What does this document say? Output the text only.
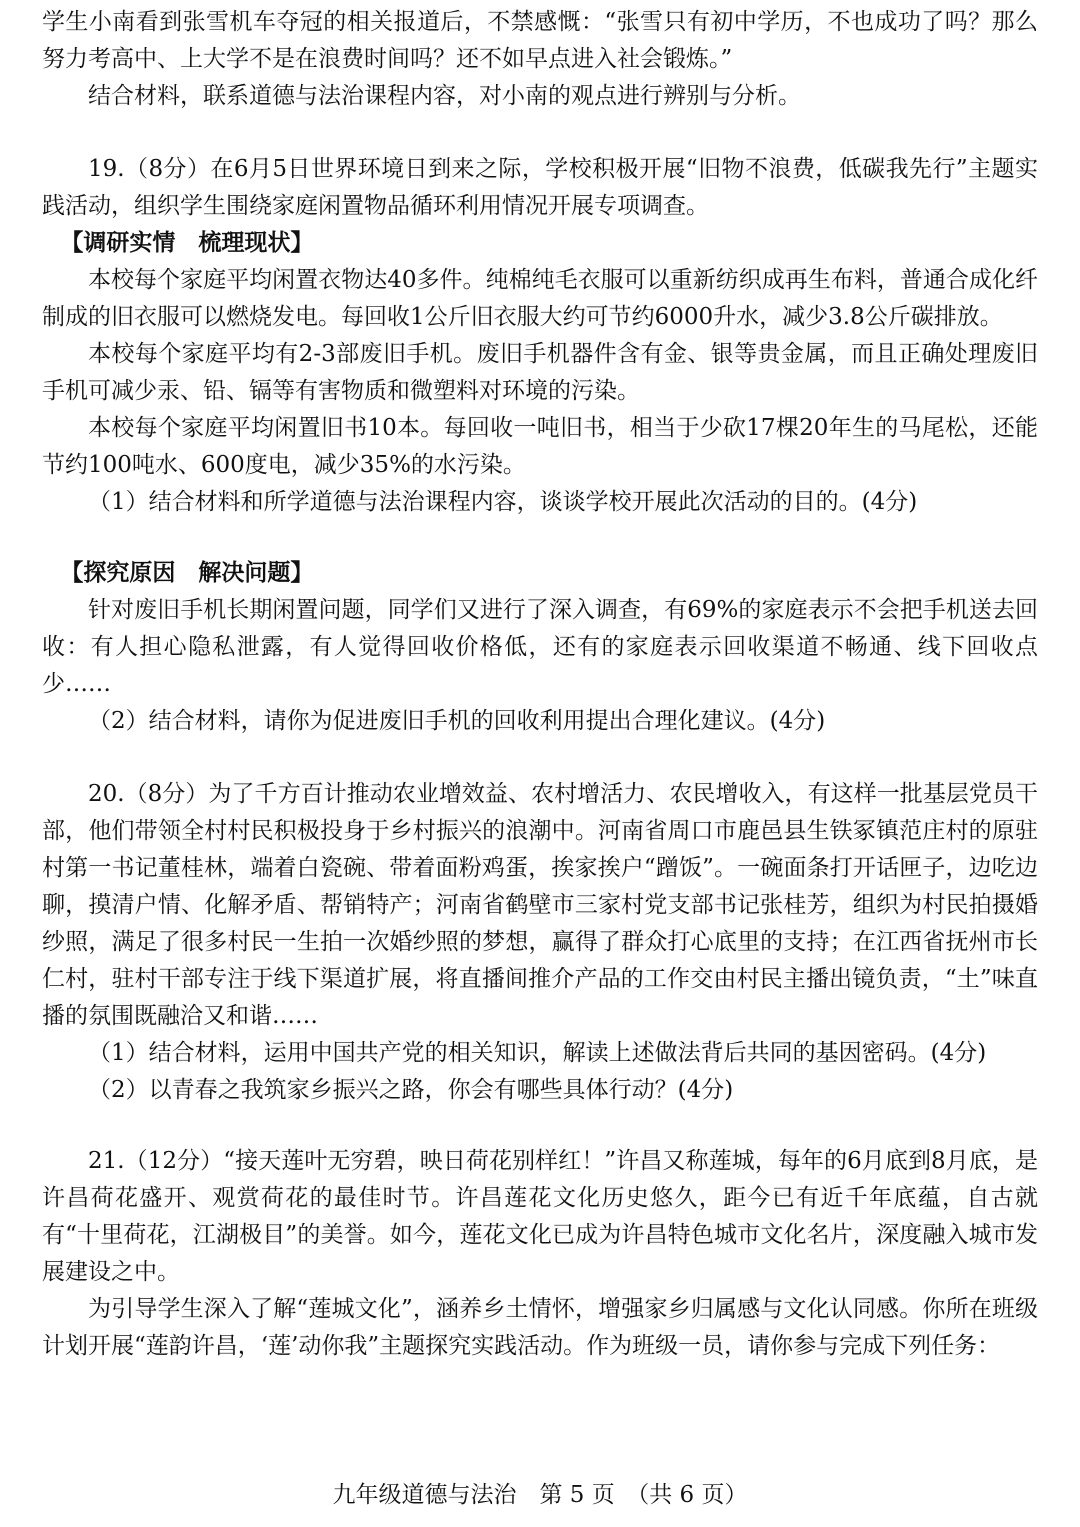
学生小南看到张雪机车夺冠的相关报道后，不禁感慨：“张雪只有初中学历，不也成功了吗？那么努力考高中、上大学不是在浪费时间吗？还不如早点进入社会锻炼。”

结合材料，联系道德与法治课程内容，对小南的观点进行辨别与分析。

19.（8分）在6月5日世界环境日到来之际，学校积极开展“旧物不浪费，低碳我先行”主题实践活动，组织学生围绕家庭闲置物品循环利用情况开展专项调查。

【调研实情　梳理现状】

本校每个家庭平均闲置衣物达40多件。纯棉纯毛衣服可以重新纺织成再生布料，普通合成化纤制成的旧衣服可以燃烧发电。每回收1公斤旧衣服大约可节约6000升水，减少3.8公斤碳排放。

本校每个家庭平均有2-3部废旧手机。废旧手机器件含有金、银等贵金属，而且正确处理废旧手机可减少汞、铅、镉等有害物质和微塑料对环境的污染。

本校每个家庭平均闲置旧书10本。每回收一吨旧书，相当于少砍17棵20年生的马尾松，还能节约100吨水、600度电，减少35%的水污染。

（1）结合材料和所学道德与法治课程内容，谈谈学校开展此次活动的目的。(4分)

【探究原因　解决问题】

针对废旧手机长期闲置问题，同学们又进行了深入调查，有69%的家庭表示不会把手机送去回收：有人担心隐私泄露，有人觉得回收价格低，还有的家庭表示回收渠道不畅通、线下回收点少……

（2）结合材料，请你为促进废旧手机的回收利用提出合理化建议。(4分)

20.（8分）为了千方百计推动农业增效益、农村增活力、农民增收入，有这样一批基层党员干部，他们带领全村村民积极投身于乡村振兴的浪潮中。河南省周口市鹿邑县生铁冢镇范庄村的原驻村第一书记董桂林，端着白瓷碗、带着面粉鸡蛋，挨家挨户“蹭饭”。一碗面条打开话匣子，边吃边聊，摸清户情、化解矛盾、帮销特产；河南省鹤壁市三家村党支部书记张桂芳，组织为村民拍摄婚纱照，满足了很多村民一生拍一次婚纱照的梦想，赢得了群众打心底里的支持；在江西省抚州市长仁村，驻村干部专注于线下渠道扩展，将直播间推介产品的工作交由村民主播出镜负责，“土”味直播的氛围既融洽又和谐……

（1）结合材料，运用中国共产党的相关知识，解读上述做法背后共同的基因密码。(4分)

（2）以青春之我筑家乡振兴之路，你会有哪些具体行动？(4分)

21.（12分）“接天莲叶无穷碧，映日荷花别样红！”许昌又称莲城，每年的6月底到8月底，是许昌荷花盛开、观赏荷花的最佳时节。许昌莲花文化历史悠久，距今已有近千年底蕴，自古就有“十里荷花，江湖极目”的美誉。如今，莲花文化已成为许昌特色城市文化名片，深度融入城市发展建设之中。

为引导学生深入了解“莲城文化”，涵养乡土情怀，增强家乡归属感与文化认同感。你所在班级计划开展“莲韵许昌，‘莲’动你我”主题探究实践活动。作为班级一员，请你参与完成下列任务：

九年级道德与法治　第 5 页　（共 6 页）
